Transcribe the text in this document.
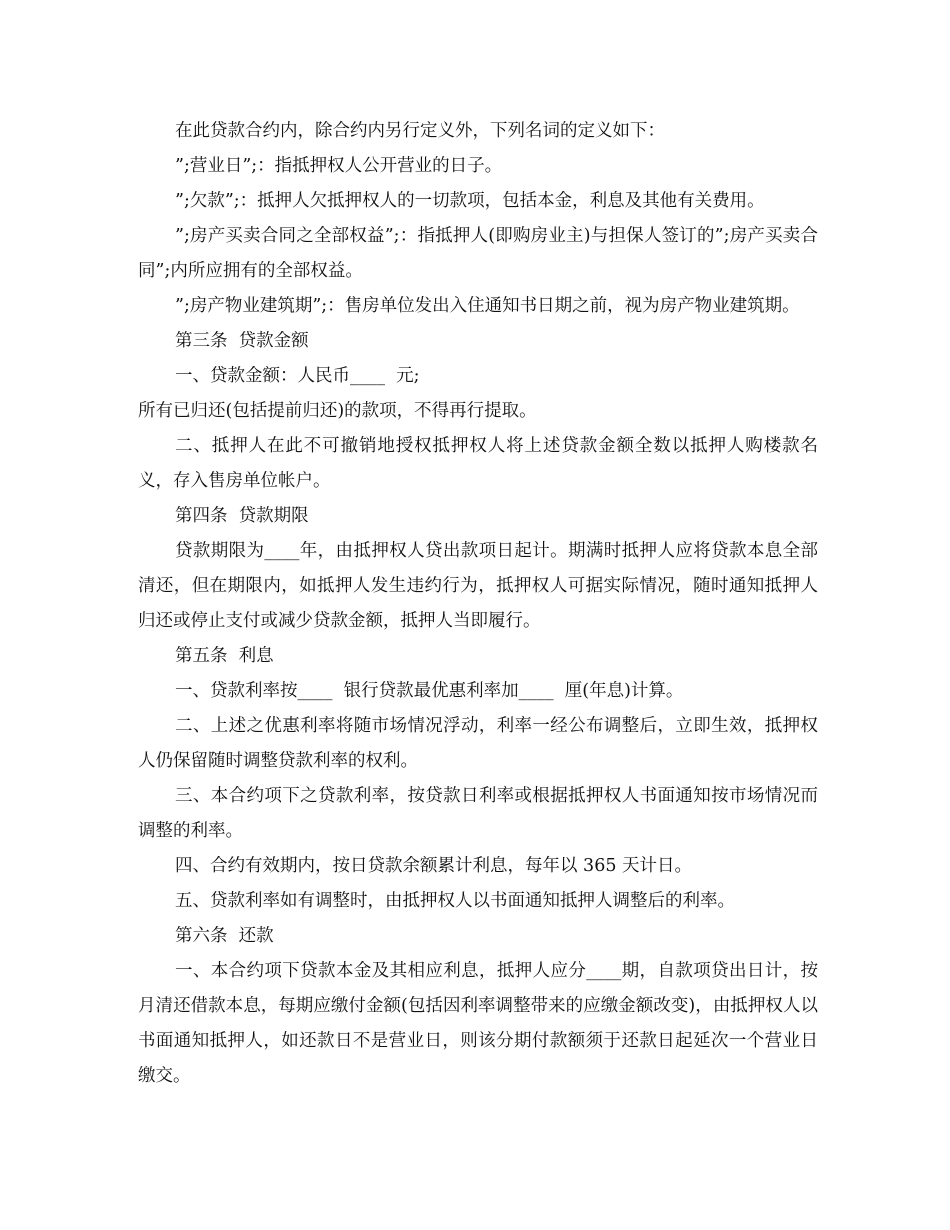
在此贷款合约内，除合约内另行定义外，下列名词的定义如下：

”;营业日”;：指抵押权人公开营业的日子。

”;欠款”;：抵押人欠抵押权人的一切款项，包括本金，利息及其他有关费用。

”;房产买卖合同之全部权益”;：指抵押人(即购房业主)与担保人签订的”;房产买卖合同”;内所应拥有的全部权益。

”;房产物业建筑期”;：售房单位发出入住通知书日期之前，视为房产物业建筑期。

第三条  贷款金额

一、贷款金额：人民币____  元;

所有已归还(包括提前归还)的款项，不得再行提取。

二、抵押人在此不可撤销地授权抵押权人将上述贷款金额全数以抵押人购楼款名义，存入售房单位帐户。

第四条  贷款期限

贷款期限为____年，由抵押权人贷出款项日起计。期满时抵押人应将贷款本息全部清还，但在期限内，如抵押人发生违约行为，抵押权人可据实际情况，随时通知抵押人归还或停止支付或减少贷款金额，抵押人当即履行。

第五条  利息

一、贷款利率按____  银行贷款最优惠利率加____  厘(年息)计算。

二、上述之优惠利率将随市场情况浮动，利率一经公布调整后，立即生效，抵押权人仍保留随时调整贷款利率的权利。

三、本合约项下之贷款利率，按贷款日利率或根据抵押权人书面通知按市场情况而调整的利率。

四、合约有效期内，按日贷款余额累计利息，每年以 365 天计日。

五、贷款利率如有调整时，由抵押权人以书面通知抵押人调整后的利率。

第六条  还款

一、本合约项下贷款本金及其相应利息，抵押人应分____期，自款项贷出日计，按月清还借款本息，每期应缴付金额(包括因利率调整带来的应缴金额改变)，由抵押权人以书面通知抵押人，如还款日不是营业日，则该分期付款额须于还款日起延次一个营业日缴交。
